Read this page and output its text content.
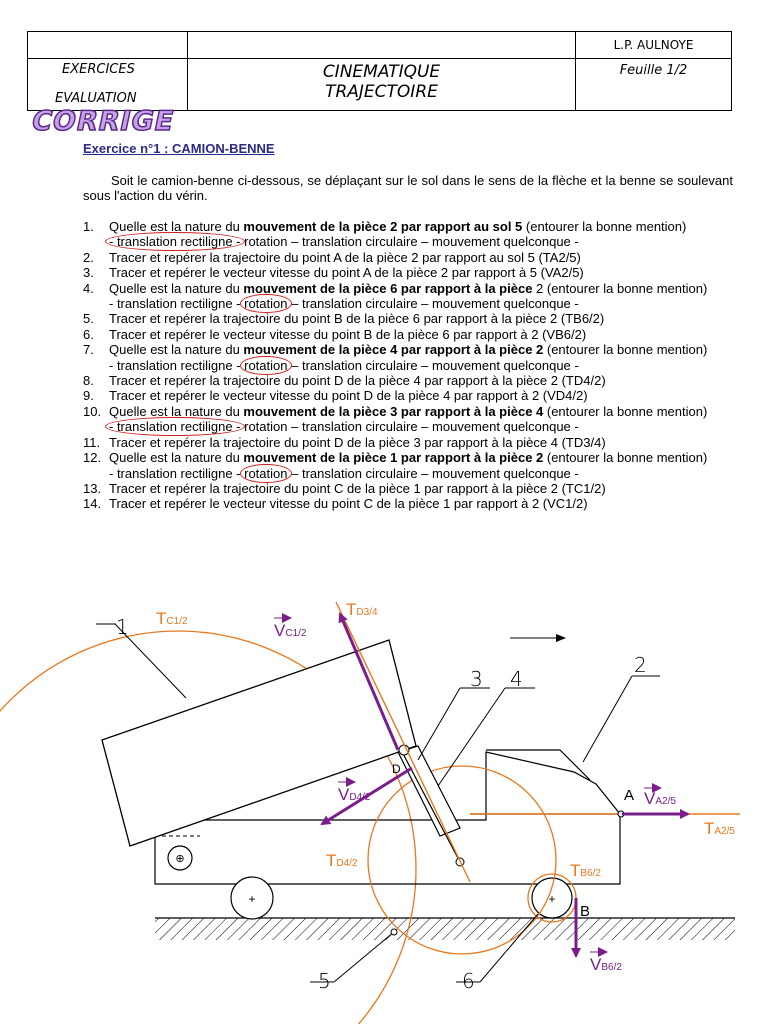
L.P. AULNOYE
EXERCICES
EVALUATION
CINEMATIQUE
TRAJECTOIRE
Feuille 1/2
CORRIGE
Exercice n°1 : CAMION-BENNE
Soit le camion-benne ci-dessous, se déplaçant sur le sol dans le sens de la flèche et la benne se soulevant sous l'action du vérin.
1. Quelle est la nature du mouvement de la pièce 2 par rapport au sol 5 (entourer la bonne mention)
- translation rectiligne - rotation – translation circulaire – mouvement quelconque -
2. Tracer et repérer la trajectoire du point A de la pièce 2 par rapport au sol 5 (TA2/5)
3. Tracer et repérer le vecteur vitesse du point A de la pièce 2 par rapport à 5 (VA2/5)
4. Quelle est la nature du mouvement de la pièce 6 par rapport à la pièce 2 (entourer la bonne mention)
- translation rectiligne - rotation – translation circulaire – mouvement quelconque -
5. Tracer et repérer la trajectoire du point B de la pièce 6 par rapport à la pièce 2 (TB6/2)
6. Tracer et repérer le vecteur vitesse du point B de la pièce 6 par rapport à 2 (VB6/2)
7. Quelle est la nature du mouvement de la pièce 4 par rapport à la pièce 2 (entourer la bonne mention)
- translation rectiligne - rotation – translation circulaire – mouvement quelconque -
8. Tracer et repérer la trajectoire du point D de la pièce 4 par rapport à la pièce 2 (TD4/2)
9. Tracer et repérer le vecteur vitesse du point D de la pièce 4 par rapport à 2 (VD4/2)
10. Quelle est la nature du mouvement de la pièce 3 par rapport à la pièce 4 (entourer la bonne mention)
- translation rectiligne - rotation – translation circulaire – mouvement quelconque -
11. Tracer et repérer la trajectoire du point D de la pièce 3 par rapport à la pièce 4 (TD3/4)
12. Quelle est la nature du mouvement de la pièce 1 par rapport à la pièce 2 (entourer la bonne mention)
- translation rectiligne - rotation – translation circulaire – mouvement quelconque -
13. Tracer et repérer la trajectoire du point C de la pièce 1 par rapport à la pièce 2 (TC1/2)
14. Tracer et repérer le vecteur vitesse du point C de la pièce 1 par rapport à 2 (VC1/2)
+
⊕
+
D
1
2
3 4
5	6
A
B
TC1/2
TD3/4
TD4/2
TA2/5
TB6/2
VC1/2
VD4/2	VA2/5
VB6/2
